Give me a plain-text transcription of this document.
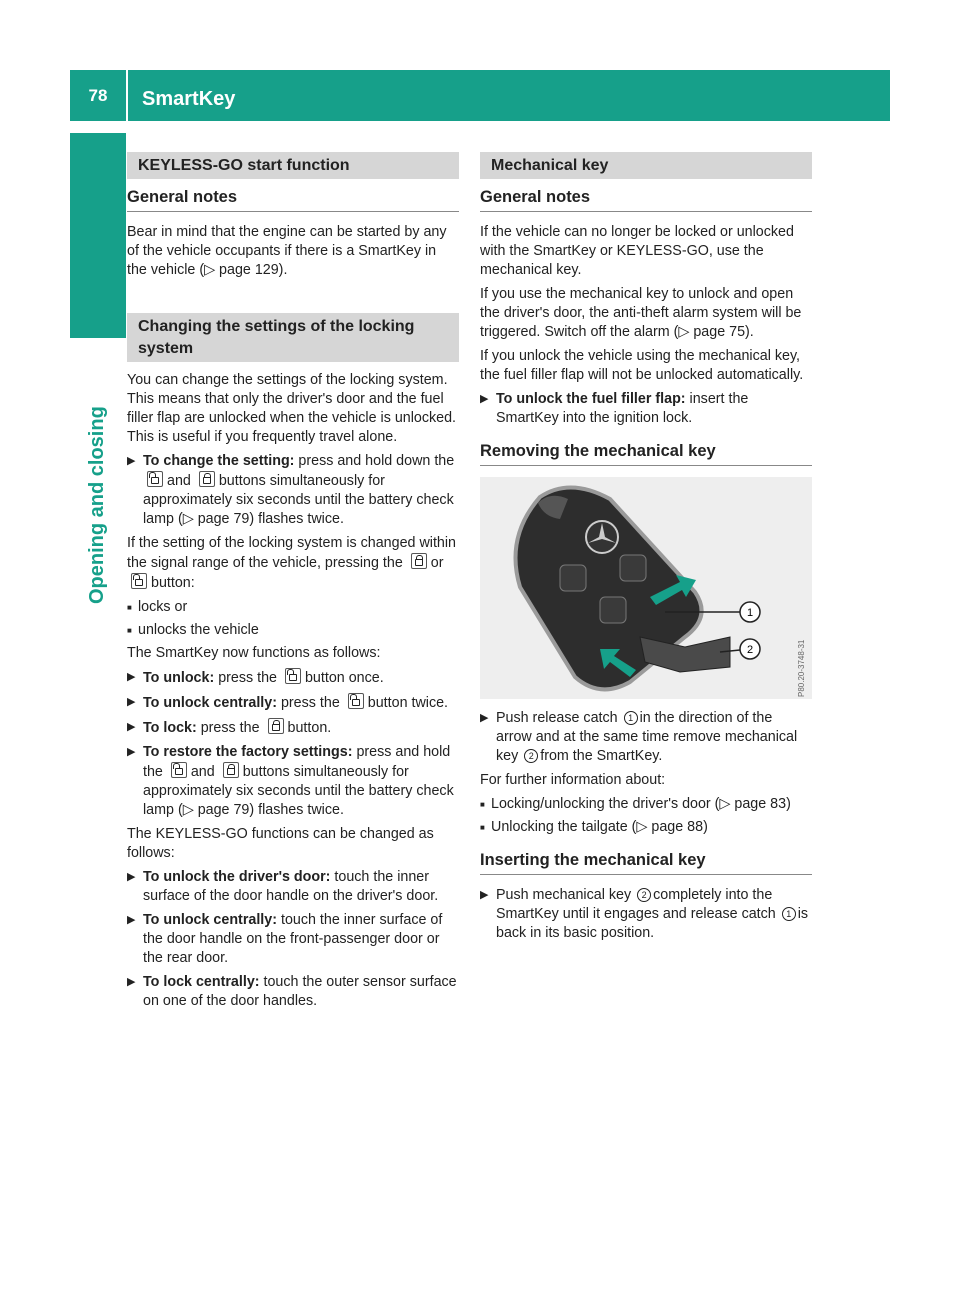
78	SmartKey
Opening and closing
KEYLESS-GO start function
General notes

Bear in mind that the engine can be started by any of the vehicle occupants if there is a SmartKey in the vehicle (▷ page 129).

Changing the settings of the locking system

You can change the settings of the locking system. This means that only the driver's door and the fuel filler flap are unlocked when the vehicle is unlocked. This is useful if you frequently travel alone.

▶ To change the setting: press and hold down the and buttons simultaneously for approximately six seconds until the battery check lamp (▷ page 79) flashes twice.

If the setting of the locking system is changed within the signal range of the vehicle, pressing the or button:

■ locks or
■ unlocks the vehicle

The SmartKey now functions as follows:

▶ To unlock: press the button once.
▶ To unlock centrally: press the button twice.
▶ To lock: press the button.
▶ To restore the factory settings: press and hold the and buttons simultaneously for approximately six seconds until the battery check lamp (▷ page 79) flashes twice.

The KEYLESS-GO functions can be changed as follows:

▶ To unlock the driver's door: touch the inner surface of the door handle on the driver's door.
▶ To unlock centrally: touch the inner surface of the door handle on the front-passenger door or the rear door.
▶ To lock centrally: touch the outer sensor surface on one of the door handles.
Mechanical key
General notes

If the vehicle can no longer be locked or unlocked with the SmartKey or KEYLESS-GO, use the mechanical key.

If you use the mechanical key to unlock and open the driver's door, the anti-theft alarm system will be triggered. Switch off the alarm (▷ page 75).

If you unlock the vehicle using the mechanical key, the fuel filler flap will not be unlocked automatically.

▶ To unlock the fuel filler flap: insert the SmartKey into the ignition lock.
Removing the mechanical key
1
2	P80.20-3748-31
▶ Push release catch 1 in the direction of the arrow and at the same time remove mechanical key 2 from the SmartKey.

For further information about:

■ Locking/unlocking the driver's door (▷ page 83)
■ Unlocking the tailgate (▷ page 88)
Inserting the mechanical key
▶ Push mechanical key 2 completely into the SmartKey until it engages and release catch 1 is back in its basic position.
